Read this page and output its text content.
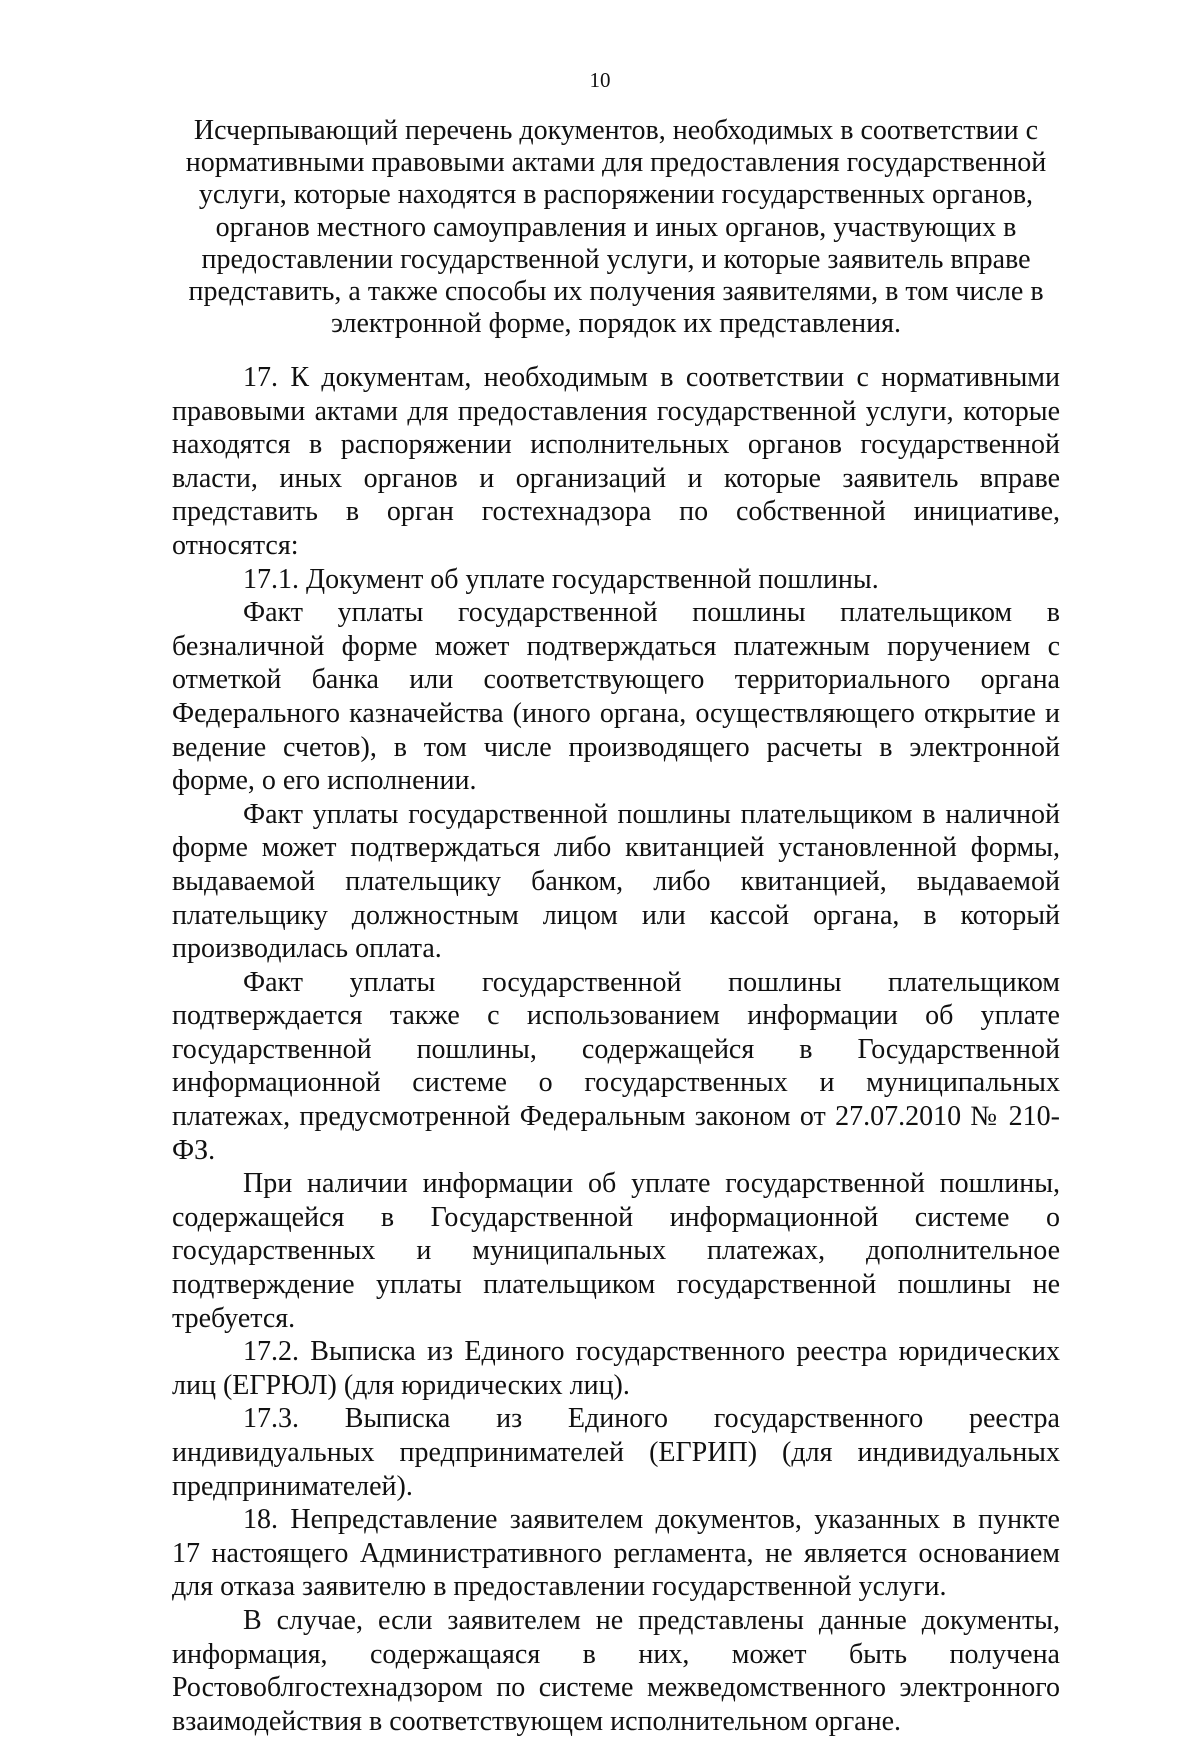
10
Исчерпывающий перечень документов, необходимых в соответствии с нормативными правовыми актами для предоставления государственной услуги, которые находятся в распоряжении государственных органов, органов местного самоуправления и иных органов, участвующих в предоставлении государственной услуги, и которые заявитель вправе представить, а также способы их получения заявителями, в том числе в электронной форме, порядок их представления.

17. К документам, необходимым в соответствии с нормативными правовыми актами для предоставления государственной услуги, которые находятся в распоряжении исполнительных органов государственной власти, иных органов и организаций и которые заявитель вправе представить в орган гостехнадзора по собственной инициативе, относятся:

17.1. Документ об уплате государственной пошлины.

Факт уплаты государственной пошлины плательщиком в безналичной форме может подтверждаться платежным поручением с отметкой банка или соответствующего территориального органа Федерального казначейства (иного органа, осуществляющего открытие и ведение счетов), в том числе производящего расчеты в электронной форме, о его исполнении.

Факт уплаты государственной пошлины плательщиком в наличной форме может подтверждаться либо квитанцией установленной формы, выдаваемой плательщику банком, либо квитанцией, выдаваемой плательщику должностным лицом или кассой органа, в который производилась оплата.

Факт уплаты государственной пошлины плательщиком подтверждается также с использованием информации об уплате государственной пошлины, содержащейся в Государственной информационной системе о государственных и муниципальных платежах, предусмотренной Федеральным законом от 27.07.2010 № 210-ФЗ.

При наличии информации об уплате государственной пошлины, содержащейся в Государственной информационной системе о государственных и муниципальных платежах, дополнительное подтверждение уплаты плательщиком государственной пошлины не требуется.

17.2. Выписка из Единого государственного реестра юридических лиц (ЕГРЮЛ) (для юридических лиц).

17.3. Выписка из Единого государственного реестра индивидуальных предпринимателей (ЕГРИП) (для индивидуальных предпринимателей).

18. Непредставление заявителем документов, указанных в пункте 17 настоящего Административного регламента, не является основанием для отказа заявителю в предоставлении государственной услуги.

В случае, если заявителем не представлены данные документы, информация, содержащаяся в них, может быть получена Ростовоблгостехнадзором по системе межведомственного электронного взаимодействия в соответствующем исполнительном органе.
